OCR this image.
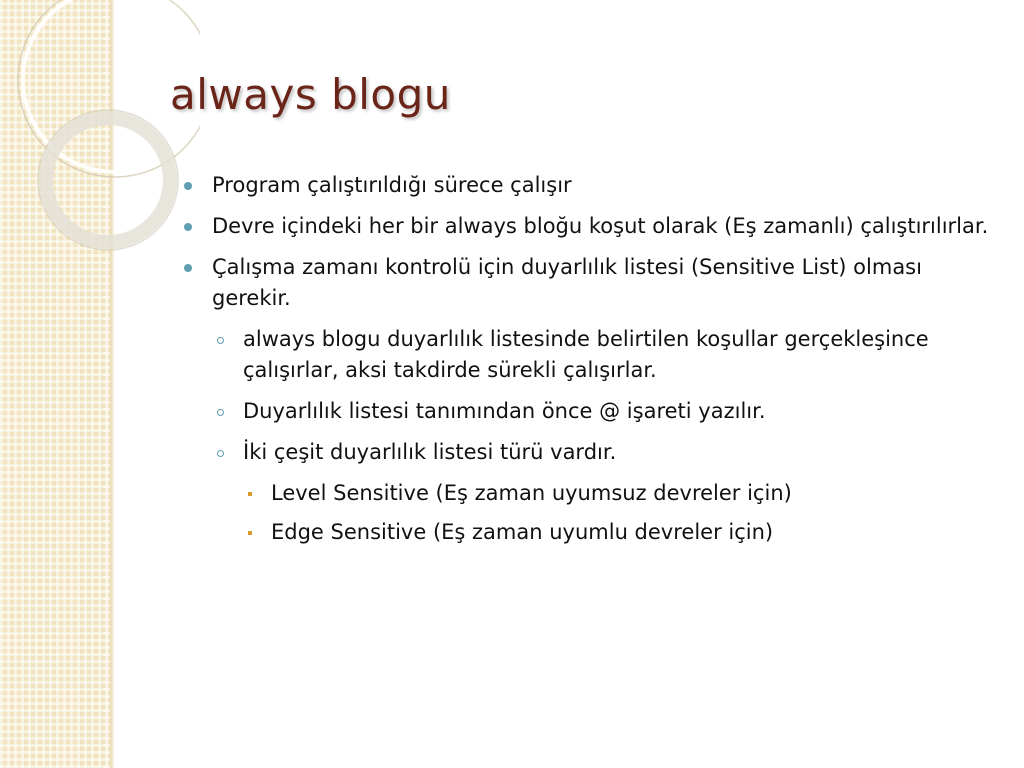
always blogu
Program çalıştırıldığı sürece çalışır
Devre içindeki her bir always bloğu koşut olarak (Eş zamanlı) çalıştırılırlar.
Çalışma zamanı kontrolü için duyarlılık listesi (Sensitive List) olması gerekir.
always blogu duyarlılık listesinde belirtilen koşullar gerçekleşince çalışırlar, aksi takdirde sürekli çalışırlar.
Duyarlılık listesi tanımından önce @ işareti yazılır.
İki çeşit duyarlılık listesi türü vardır.
Level Sensitive (Eş zaman uyumsuz devreler için)
Edge Sensitive (Eş zaman uyumlu devreler için)
